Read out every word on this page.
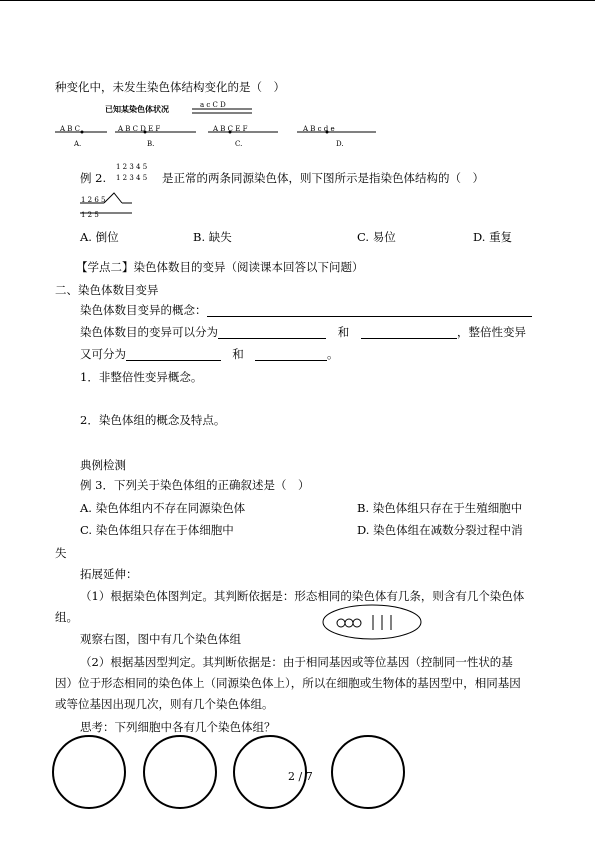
种变化中，未发生染色体结构变化的是（　）
已知某染色体状况	a c C D
A B C	A B C D E F	A B C E F	A B c d e
A.	B.	C.	D.
例 2.
1 2 3 4 5
1 2 3 4 5 是正常的两条同源染色体，则下图所示是指染色体结构的（　）
1 2 6 5
1 2 5
A. 倒位	B. 缺失	C. 易位	D. 重复
【学点二】染色体数目的变异（阅读课本回答以下问题）
二、染色体数目变异
染色体数目变异的概念：
染色体数目的变异可以分为	和	，整倍性变异
又可分为	和	。
1．非整倍性变异概念。
2．染色体组的概念及特点。
典例检测
例 3．下列关于染色体组的正确叙述是（　）
A. 染色体组内不存在同源染色体	B. 染色体组只存在于生殖细胞中
C. 染色体组只存在于体细胞中	D. 染色体组在减数分裂过程中消
失
拓展延伸：
（1）根据染色体图判定。其判断依据是：形态相同的染色体有几条，则含有几个染色体
组。
观察右图，图中有几个染色体组
（2）根据基因型判定。其判断依据是：由于相同基因或等位基因（控制同一性状的基
因）位于形态相同的染色体上（同源染色体上），所以在细胞或生物体的基因型中，相同基因
或等位基因出现几次，则有几个染色体组。
思考：下列细胞中各有几个染色体组？
2 / 7
